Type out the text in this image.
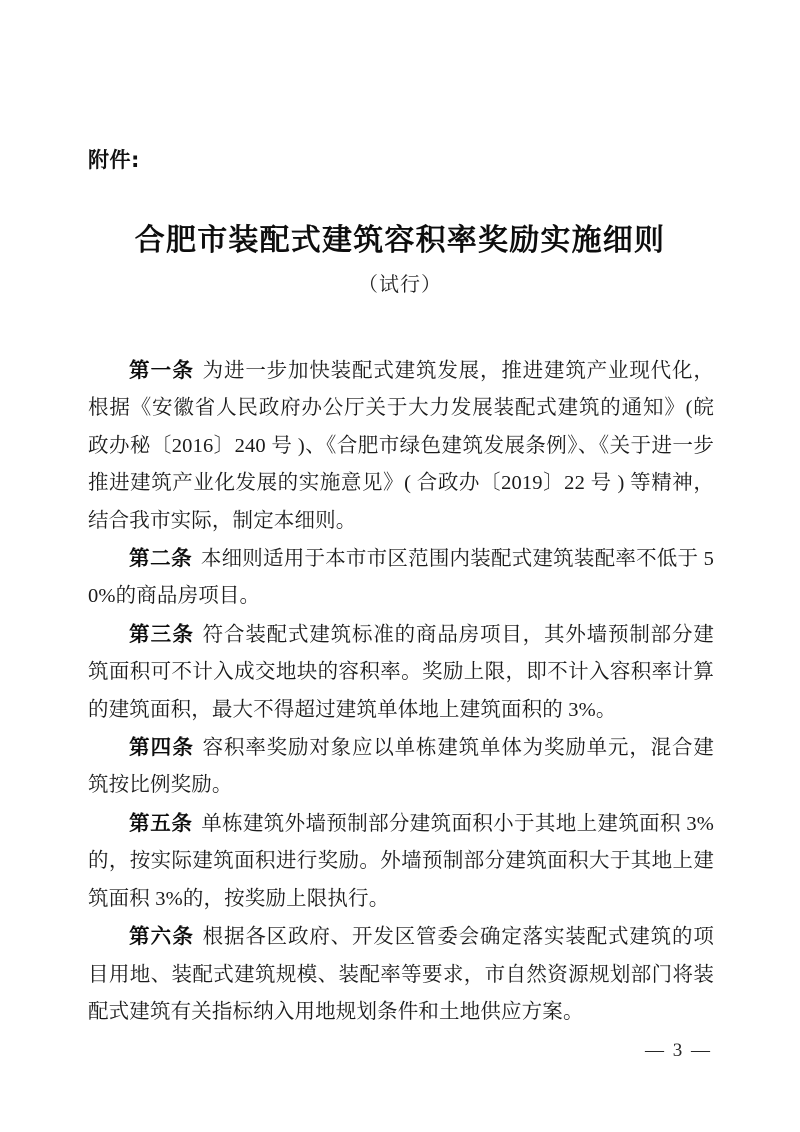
附件:
合肥市装配式建筑容积率奖励实施细则
（试行）

第一条 为进一步加快装配式建筑发展，推进建筑产业现代化，根据《安徽省人民政府办公厅关于大力发展装配式建筑的通知》(皖政办秘〔2016〕240 号 )、《合肥市绿色建筑发展条例》、《关于进一步推进建筑产业化发展的实施意见》( 合政办〔2019〕22 号 ) 等精神，结合我市实际，制定本细则。

第二条 本细则适用于本市市区范围内装配式建筑装配率不低于 50%的商品房项目。

第三条 符合装配式建筑标准的商品房项目，其外墙预制部分建筑面积可不计入成交地块的容积率。奖励上限，即不计入容积率计算的建筑面积，最大不得超过建筑单体地上建筑面积的 3%。

第四条 容积率奖励对象应以单栋建筑单体为奖励单元，混合建筑按比例奖励。

第五条 单栋建筑外墙预制部分建筑面积小于其地上建筑面积 3%的，按实际建筑面积进行奖励。外墙预制部分建筑面积大于其地上建筑面积 3%的，按奖励上限执行。

第六条 根据各区政府、开发区管委会确定落实装配式建筑的项目用地、装配式建筑规模、装配率等要求，市自然资源规划部门将装配式建筑有关指标纳入用地规划条件和土地供应方案。

— 3 —
